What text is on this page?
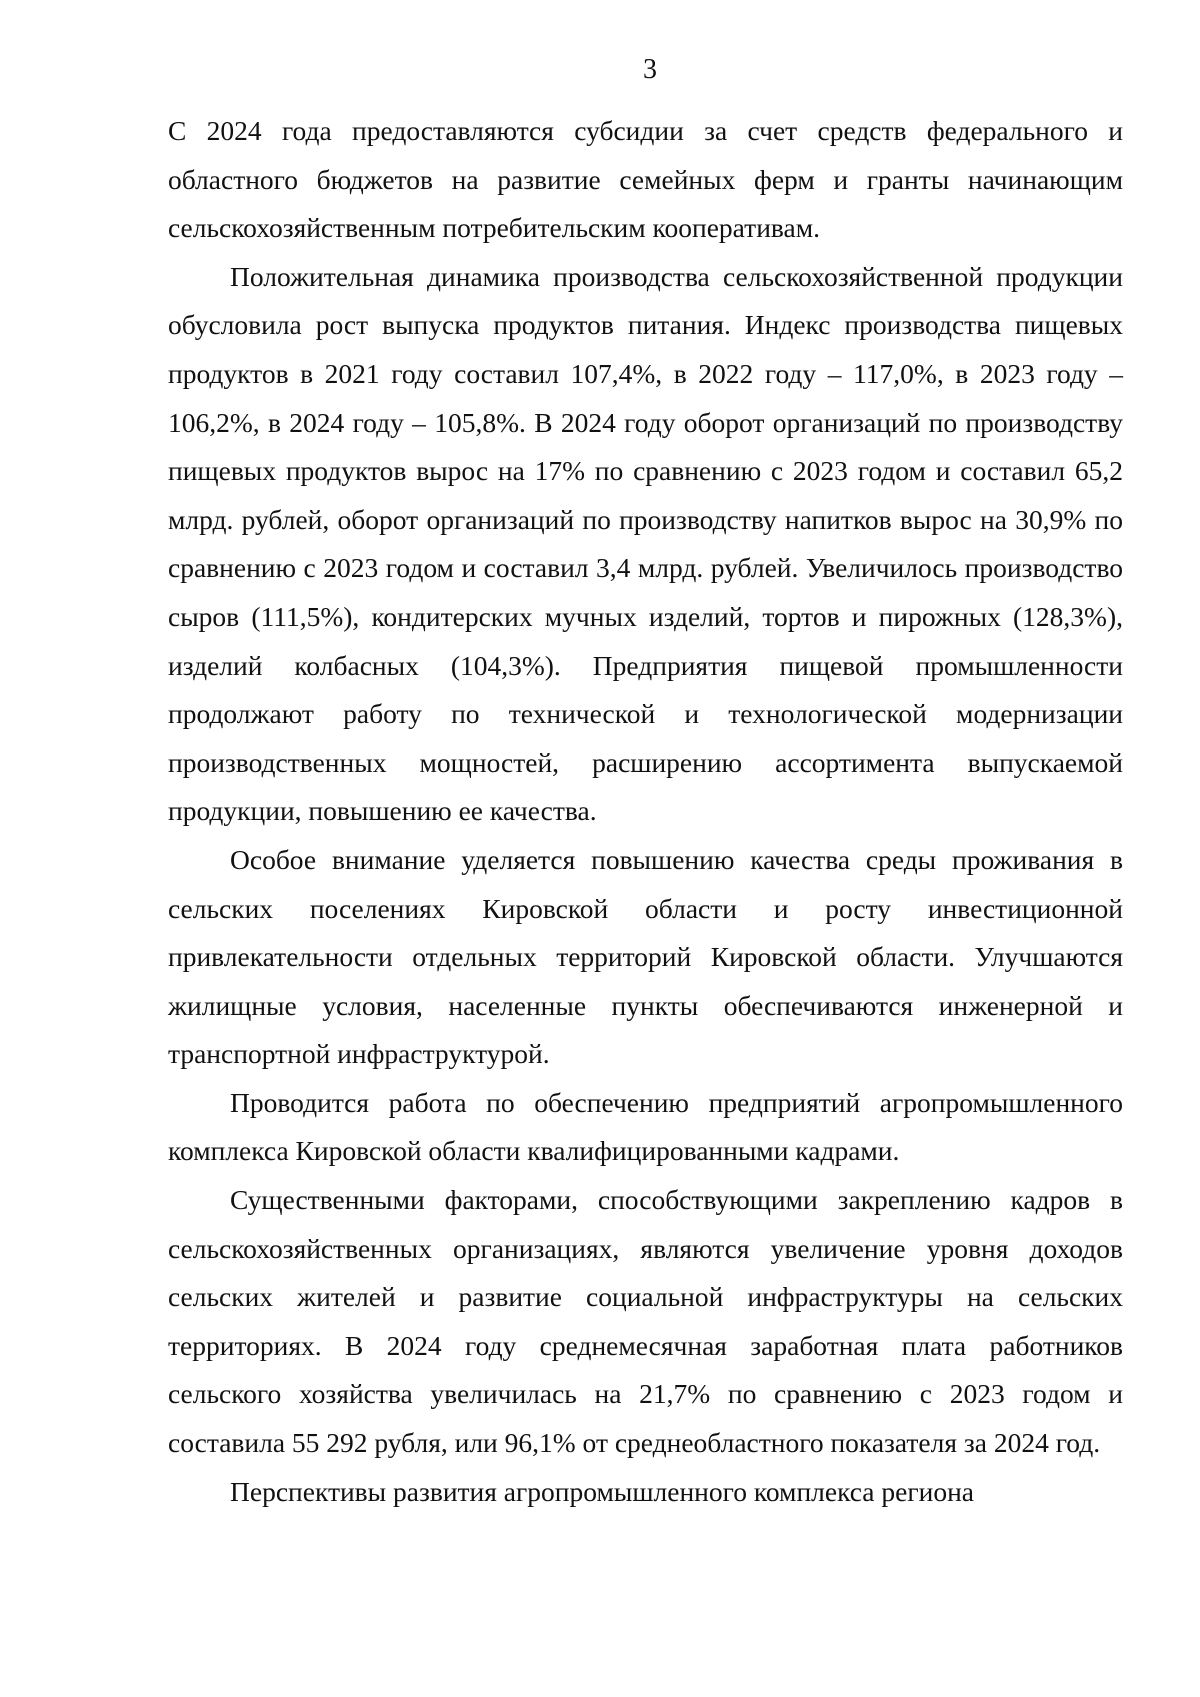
3

С 2024 года предоставляются субсидии за счет средств федерального и областного бюджетов на развитие семейных ферм и гранты начинающим сельскохозяйственным потребительским кооперативам.

Положительная динамика производства сельскохозяйственной продукции обусловила рост выпуска продуктов питания. Индекс производства пищевых продуктов в 2021 году составил 107,4%, в 2022 году – 117,0%, в 2023 году – 106,2%, в 2024 году – 105,8%. В 2024 году оборот организаций по производству пищевых продуктов вырос на 17% по сравнению с 2023 годом и составил 65,2 млрд. рублей, оборот организаций по производству напитков вырос на 30,9% по сравнению с 2023 годом и составил 3,4 млрд. рублей. Увеличилось производство сыров (111,5%), кондитерских мучных изделий, тортов и пирожных (128,3%), изделий колбасных (104,3%). Предприятия пищевой промышленности продолжают работу по технической и технологической модернизации производственных мощностей, расширению ассортимента выпускаемой продукции, повышению ее качества.

Особое внимание уделяется повышению качества среды проживания в сельских поселениях Кировской области и росту инвестиционной привлекательности отдельных территорий Кировской области. Улучшаются жилищные условия, населенные пункты обеспечиваются инженерной и транспортной инфраструктурой.

Проводится работа по обеспечению предприятий агропромышленного комплекса Кировской области квалифицированными кадрами.

Существенными факторами, способствующими закреплению кадров в сельскохозяйственных организациях, являются увеличение уровня доходов сельских жителей и развитие социальной инфраструктуры на сельских территориях. В 2024 году среднемесячная заработная плата работников сельского хозяйства увеличилась на 21,7% по сравнению с 2023 годом и составила 55 292 рубля, или 96,1% от среднеобластного показателя за 2024 год.

Перспективы развития агропромышленного комплекса региона
